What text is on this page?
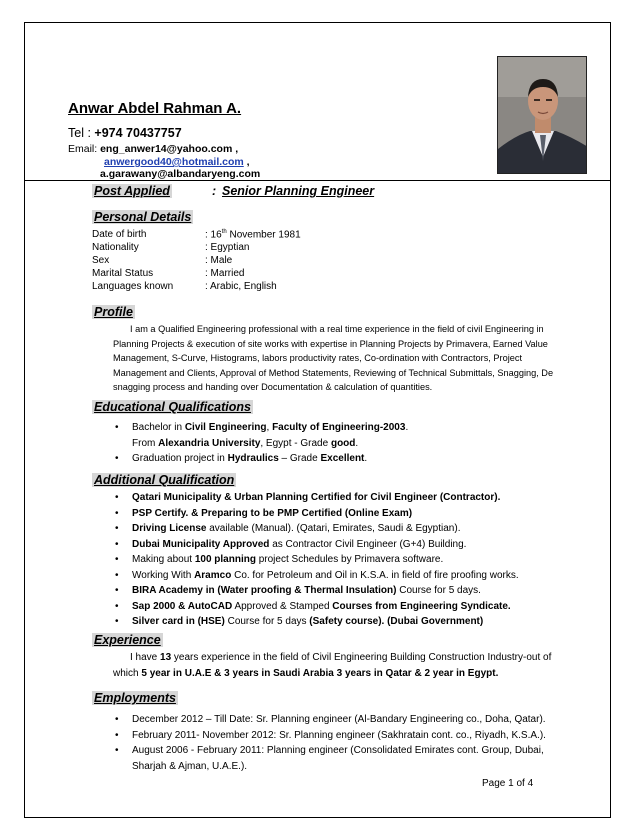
Anwar Abdel Rahman A.
Tel : +974 70437757
Email: eng_anwer14@yahoo.com ,
anwergood40@hotmail.com ,
a.garawany@albandaryeng.com
Post Applied	: Senior Planning Engineer
Personal Details
Date of birth	: 16th November 1981
Nationality	: Egyptian
Sex	: Male
Marital Status	: Married
Languages known	: Arabic, English
Profile
I am a Qualified Engineering professional with a real time experience in the field of civil Engineering in Planning Projects & execution of site works with expertise in Planning Projects by Primavera, Earned Value Management, S-Curve, Histograms, labors productivity rates, Co-ordination with Contractors, Project Management and Clients, Approval of Method Statements, Reviewing of Technical Submittals, Snagging, De snagging process and handing over Documentation & calculation of quantities.
Educational Qualifications
• Bachelor in Civil Engineering, Faculty of Engineering-2003.
From Alexandria University, Egypt - Grade good.
• Graduation project in Hydraulics – Grade Excellent.
Additional Qualification
• Qatari Municipality & Urban Planning Certified for Civil Engineer (Contractor).
• PSP Certify. & Preparing to be PMP Certified (Online Exam)
• Driving License available (Manual). (Qatari, Emirates, Saudi & Egyptian).
• Dubai Municipality Approved as Contractor Civil Engineer (G+4) Building.
• Making about 100 planning project Schedules by Primavera software.
• Working With Aramco Co. for Petroleum and Oil in K.S.A. in field of fire proofing works.
• BIRA Academy in (Water proofing & Thermal Insulation) Course for 5 days.
• Sap 2000 & AutoCAD Approved & Stamped Courses from Engineering Syndicate.
• Silver card in (HSE) Course for 5 days (Safety course). (Dubai Government)
Experience
I have 13 years experience in the field of Civil Engineering Building Construction Industry-out of which 5 year in U.A.E & 3 years in Saudi Arabia 3 years in Qatar & 2 year in Egypt.
Employments
• December 2012 – Till Date: Sr. Planning engineer (Al-Bandary Engineering co., Doha, Qatar).
• February 2011- November 2012: Sr. Planning engineer (Sakhratain cont. co., Riyadh, K.S.A.).
• August 2006 - February 2011: Planning engineer (Consolidated Emirates cont. Group, Dubai, Sharjah & Ajman, U.A.E.).
Page 1 of 4
